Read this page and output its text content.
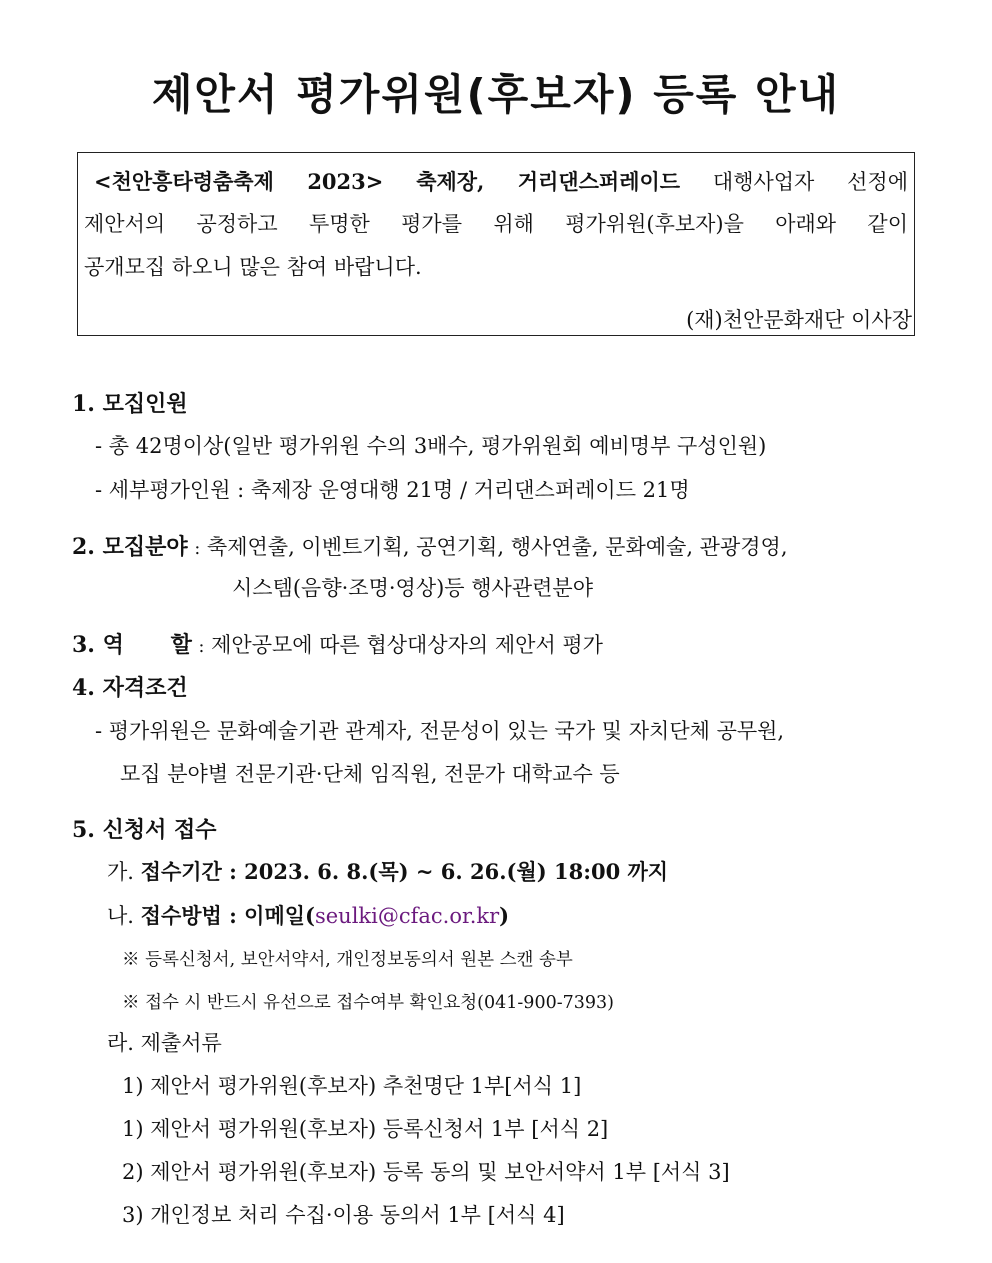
제안서 평가위원(후보자) 등록 안내
<천안흥타령춤축제 2023> 축제장, 거리댄스퍼레이드 대행사업자 선정에
제안서의 공정하고 투명한 평가를 위해 평가위원(후보자)을 아래와 같이
공개모집 하오니 많은 참여 바랍니다.
(재)천안문화재단 이사장
1. 모집인원
- 총 42명이상(일반 평가위원 수의 3배수, 평가위원회 예비명부 구성인원)
- 세부평가인원 : 축제장 운영대행 21명 / 거리댄스퍼레이드 21명
2. 모집분야 : 축제연출, 이벤트기획, 공연기획, 행사연출, 문화예술, 관광경영,
시스템(음향·조명·영상)등 행사관련분야
3. 역 할 : 제안공모에 따른 협상대상자의 제안서 평가
4. 자격조건
- 평가위원은 문화예술기관 관계자, 전문성이 있는 국가 및 자치단체 공무원,
모집 분야별 전문기관·단체 임직원, 전문가 대학교수 등
5. 신청서 접수
가. 접수기간 : 2023. 6. 8.(목) ~ 6. 26.(월) 18:00 까지
나. 접수방법 : 이메일(seulki@cfac.or.kr)
※ 등록신청서, 보안서약서, 개인정보동의서 원본 스캔 송부
※ 접수 시 반드시 유선으로 접수여부 확인요청(041-900-7393)
라. 제출서류
1) 제안서 평가위원(후보자) 추천명단 1부[서식 1]
1) 제안서 평가위원(후보자) 등록신청서 1부 [서식 2]
2) 제안서 평가위원(후보자) 등록 동의 및 보안서약서 1부 [서식 3]
3) 개인정보 처리 수집·이용 동의서 1부 [서식 4]
